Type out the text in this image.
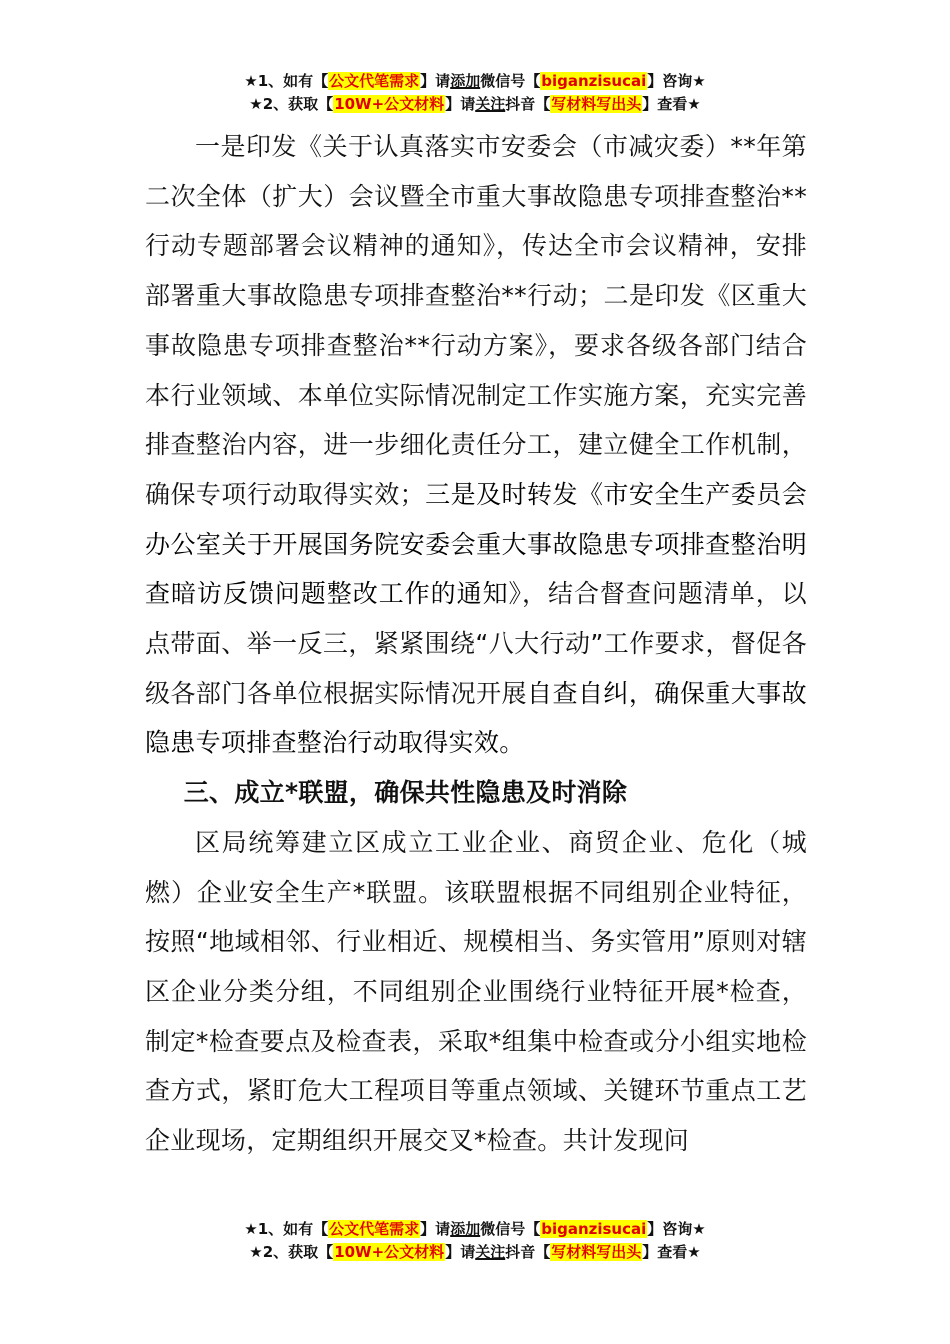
★1、如有【公文代笔需求】请添加微信号【biganzisucai】咨询★
★2、获取【10W+公文材料】请关注抖音【写材料写出头】查看★

一是印发《关于认真落实市安委会（市减灾委）**年第二次全体（扩大）会议暨全市重大事故隐患专项排查整治**行动专题部署会议精神的通知》，传达全市会议精神，安排部署重大事故隐患专项排查整治**行动；二是印发《区重大事故隐患专项排查整治**行动方案》，要求各级各部门结合本行业领域、本单位实际情况制定工作实施方案，充实完善排查整治内容，进一步细化责任分工，建立健全工作机制，确保专项行动取得实效；三是及时转发《市安全生产委员会办公室关于开展国务院安委会重大事故隐患专项排查整治明查暗访反馈问题整改工作的通知》，结合督查问题清单，以点带面、举一反三，紧紧围绕“八大行动”工作要求，督促各级各部门各单位根据实际情况开展自查自纠，确保重大事故隐患专项排查整治行动取得实效。

三、成立*联盟，确保共性隐患及时消除

区局统筹建立区成立工业企业、商贸企业、危化（城燃）企业安全生产*联盟。该联盟根据不同组别企业特征，按照“地域相邻、行业相近、规模相当、务实管用”原则对辖区企业分类分组，不同组别企业围绕行业特征开展*检查，制定*检查要点及检查表，采取*组集中检查或分小组实地检查方式，紧盯危大工程项目等重点领域、关键环节重点工艺企业现场，定期组织开展交叉*检查。共计发现问

★1、如有【公文代笔需求】请添加微信号【biganzisucai】咨询★
★2、获取【10W+公文材料】请关注抖音【写材料写出头】查看★
